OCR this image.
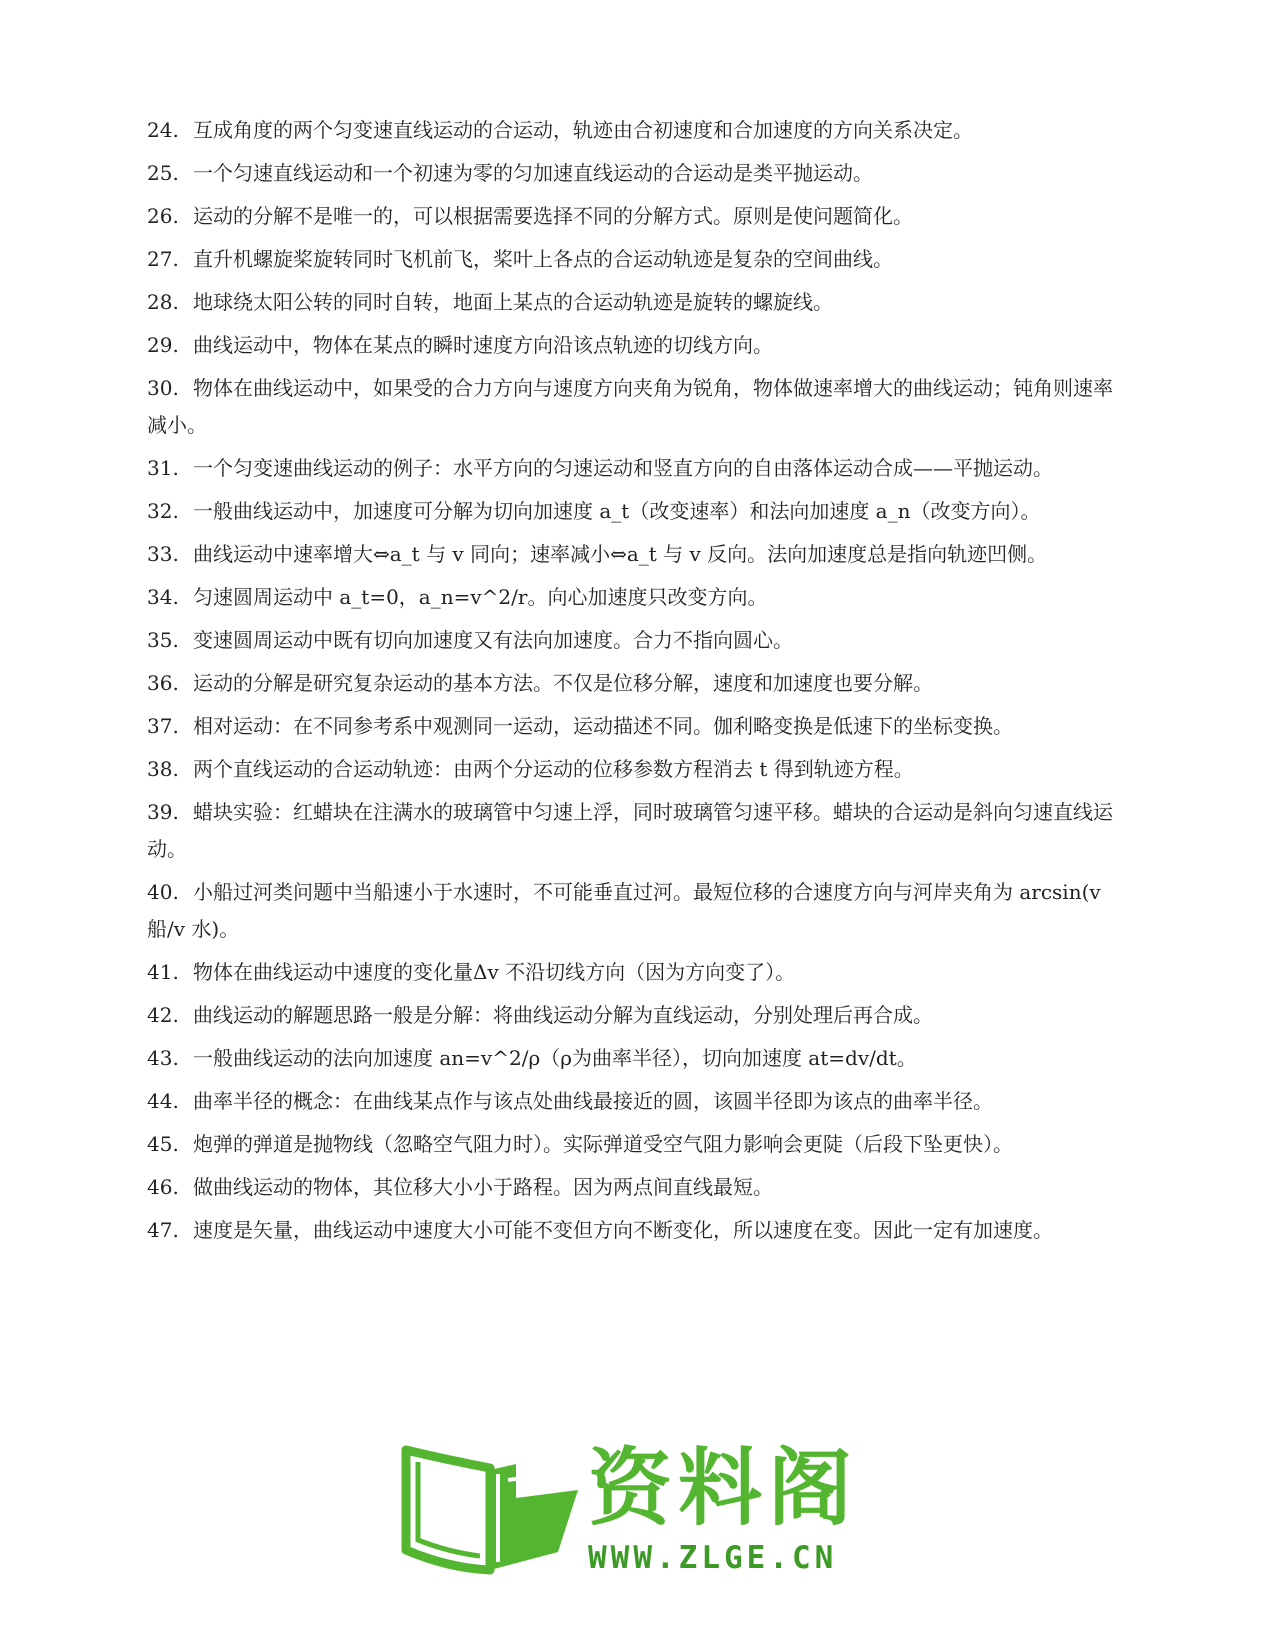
24. 互成角度的两个匀变速直线运动的合运动，轨迹由合初速度和合加速度的方向关系决定。
25. 一个匀速直线运动和一个初速为零的匀加速直线运动的合运动是类平抛运动。
26. 运动的分解不是唯一的，可以根据需要选择不同的分解方式。原则是使问题简化。
27. 直升机螺旋桨旋转同时飞机前飞，桨叶上各点的合运动轨迹是复杂的空间曲线。
28. 地球绕太阳公转的同时自转，地面上某点的合运动轨迹是旋转的螺旋线。
29. 曲线运动中，物体在某点的瞬时速度方向沿该点轨迹的切线方向。
30. 物体在曲线运动中，如果受的合力方向与速度方向夹角为锐角，物体做速率增大的曲线运动；钝角则速率减小。
31. 一个匀变速曲线运动的例子：水平方向的匀速运动和竖直方向的自由落体运动合成——平抛运动。
32. 一般曲线运动中，加速度可分解为切向加速度 a_t（改变速率）和法向加速度 a_n（改变方向）。
33. 曲线运动中速率增大⇔a_t 与 v 同向；速率减小⇔a_t 与 v 反向。法向加速度总是指向轨迹凹侧。
34. 匀速圆周运动中 a_t=0，a_n=v^2/r。向心加速度只改变方向。
35. 变速圆周运动中既有切向加速度又有法向加速度。合力不指向圆心。
36. 运动的分解是研究复杂运动的基本方法。不仅是位移分解，速度和加速度也要分解。
37. 相对运动：在不同参考系中观测同一运动，运动描述不同。伽利略变换是低速下的坐标变换。
38. 两个直线运动的合运动轨迹：由两个分运动的位移参数方程消去 t 得到轨迹方程。
39. 蜡块实验：红蜡块在注满水的玻璃管中匀速上浮，同时玻璃管匀速平移。蜡块的合运动是斜向匀速直线运动。
40. 小船过河类问题中当船速小于水速时，不可能垂直过河。最短位移的合速度方向与河岸夹角为 arcsin(v 船/v 水)。
41. 物体在曲线运动中速度的变化量Δv 不沿切线方向（因为方向变了）。
42. 曲线运动的解题思路一般是分解：将曲线运动分解为直线运动，分别处理后再合成。
43. 一般曲线运动的法向加速度 an=v^2/ρ（ρ为曲率半径），切向加速度 at=dv/dt。
44. 曲率半径的概念：在曲线某点作与该点处曲线最接近的圆，该圆半径即为该点的曲率半径。
45. 炮弹的弹道是抛物线（忽略空气阻力时）。实际弹道受空气阻力影响会更陡（后段下坠更快）。
46. 做曲线运动的物体，其位移大小小于路程。因为两点间直线最短。
47. 速度是矢量，曲线运动中速度大小可能不变但方向不断变化，所以速度在变。因此一定有加速度。
资料阁
WWW.ZLGE.CN
